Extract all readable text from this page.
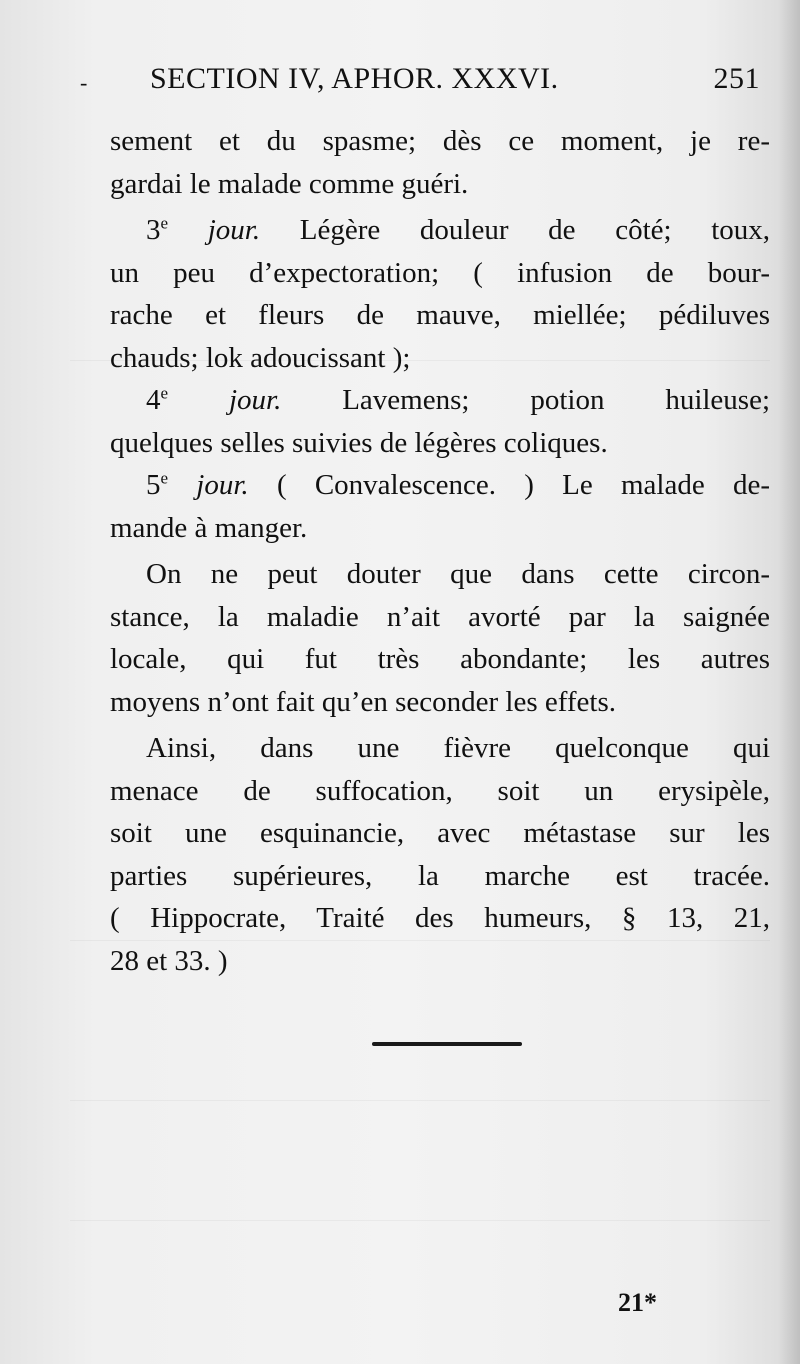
- SECTION IV, APHOR. XXXVI.	251
sement et du spasme; dès ce moment, je re-
gardai le malade comme guéri.
3e jour. Légère douleur de côté; toux,
un peu d’expectoration; ( infusion de bour-
rache et fleurs de mauve, miellée; pédiluves
chauds; lok adoucissant );
4e jour. Lavemens; potion huileuse;
quelques selles suivies de légères coliques.
5e jour. ( Convalescence. ) Le malade de-
mande à manger.
On ne peut douter que dans cette circon-
stance, la maladie n’ait avorté par la saignée
locale, qui fut très abondante; les autres
moyens n’ont fait qu’en seconder les effets.
Ainsi, dans une fièvre quelconque qui
menace de suffocation, soit un erysipèle,
soit une esquinancie, avec métastase sur les
parties supérieures, la marche est tracée.
( Hippocrate, Traité des humeurs, § 13, 21,
28 et 33. )
21*
